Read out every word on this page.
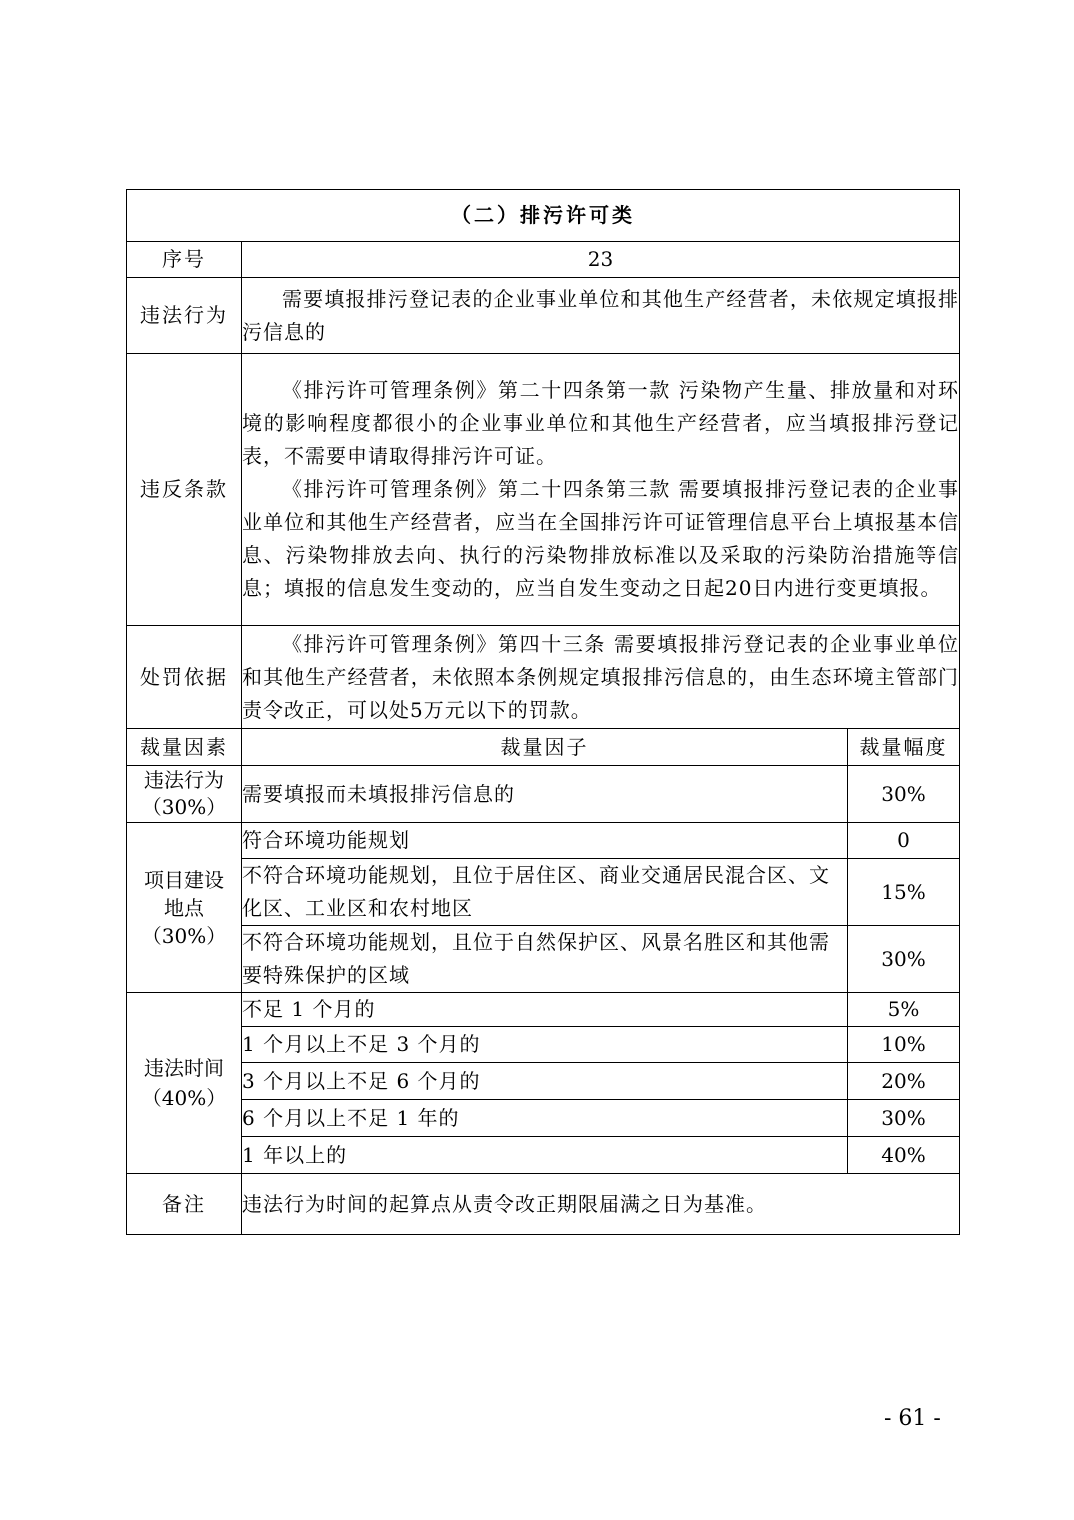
（二）排污许可类		
序号	23	
违法行为	需要填报排污登记表的企业事业单位和其他生产经营者，未依规定填报排污信息的	

违反条款	《排污许可管理条例》第二十四条第一款 污染物产生量、排放量和对环境的影响程度都很小的企业事业单位和其他生产经营者，应当填报排污登记表，不需要申请取得排污许可证。

《排污许可管理条例》第二十四条第三款 需要填报排污登记表的企业事业单位和其他生产经营者，应当在全国排污许可证管理信息平台上填报基本信息、污染物排放去向、执行的污染物排放标准以及采取的污染防治措施等信息；填报的信息发生变动的，应当自发生变动之日起20日内进行变更填报。	

处罚依据	《排污许可管理条例》第四十三条 需要填报排污登记表的企业事业单位和其他生产经营者，未依照本条例规定填报排污信息的，由生态环境主管部门责令改正，可以处5万元以下的罚款。	

裁量因素	裁量因子	裁量幅度

违法行为
（30%）	需要填报而未填报排污信息的	30%

项目建设
地点
（30%）	符合环境功能规划	0
	不符合环境功能规划，且位于居住区、商业交通居民混合区、文化区、工业区和农村地区	15%
	不符合环境功能规划，且位于自然保护区、风景名胜区和其他需要特殊保护的区域	30%

违法时间
（40%）	不足 1 个月的	5%
	1 个月以上不足 3 个月的	10%
	3 个月以上不足 6 个月的	20%
	6 个月以上不足 1 年的	30%
	1 年以上的	40%
备注	违法行为时间的起算点从责令改正期限届满之日为基准。	
- 61 -
